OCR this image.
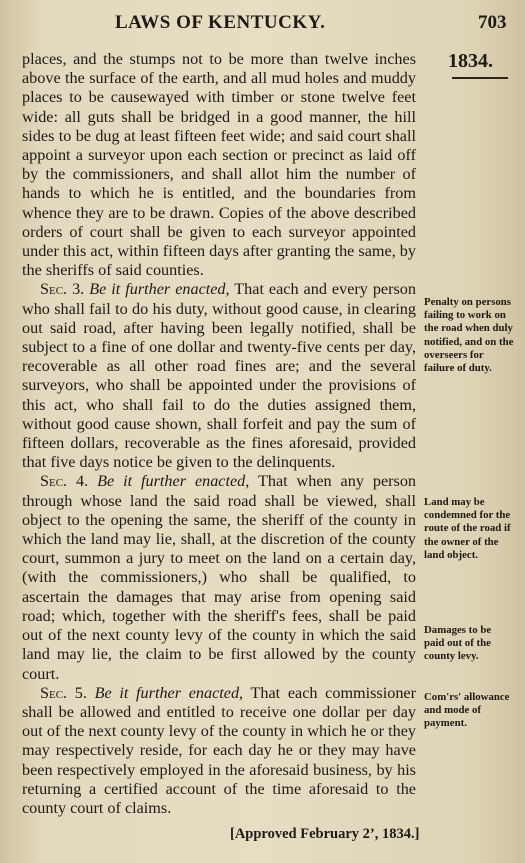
LAWS OF KENTUCKY.	703
1834.

places, and the stumps not to be more than twelve inches above the surface of the earth, and all mud holes and muddy places to be causewayed with timber or stone twelve feet wide: all guts shall be bridged in a good manner, the hill sides to be dug at least fifteen feet wide; and said court shall appoint a surveyor upon each section or precinct as laid off by the commissioners, and shall allot him the number of hands to which he is entitled, and the boundaries from whence they are to be drawn. Copies of the above described orders of court shall be given to each surveyor appointed under this act, within fifteen days after granting the same, by the sheriffs of said counties.

Sec. 3. Be it further enacted, That each and every person who shall fail to do his duty, without good cause, in clearing out said road, after having been legally notified, shall be subject to a fine of one dollar and twenty-five cents per day, recoverable as all other road fines are; and the several surveyors, who shall be appointed under the provisions of this act, who shall fail to do the duties assigned them, without good cause shown, shall forfeit and pay the sum of fifteen dollars, recoverable as the fines aforesaid, provided that five days notice be given to the delinquents.

Sec. 4. Be it further enacted, That when any person through whose land the said road shall be viewed, shall object to the opening the same, the sheriff of the county in which the land may lie, shall, at the discretion of the county court, summon a jury to meet on the land on a certain day, (with the commissioners,) who shall be qualified, to ascertain the damages that may arise from opening said road; which, together with the sheriff's fees, shall be paid out of the next county levy of the county in which the said land may lie, the claim to be first allowed by the county court.

Sec. 5. Be it further enacted, That each commissioner shall be allowed and entitled to receive one dollar per day out of the next county levy of the county in which he or they may respectively reside, for each day he or they may have been respectively employed in the aforesaid business, by his returning a certified account of the time aforesaid to the county court of claims.

Penalty on persons failing to work on the road when duly notified, and on the overseers for failure of duty.
Land may be condemned for the route of the road if the owner of the land object.
Damages to be paid out of the county levy.
Com'rs' allowance and mode of payment.
[Approved February 2’, 1834.]
